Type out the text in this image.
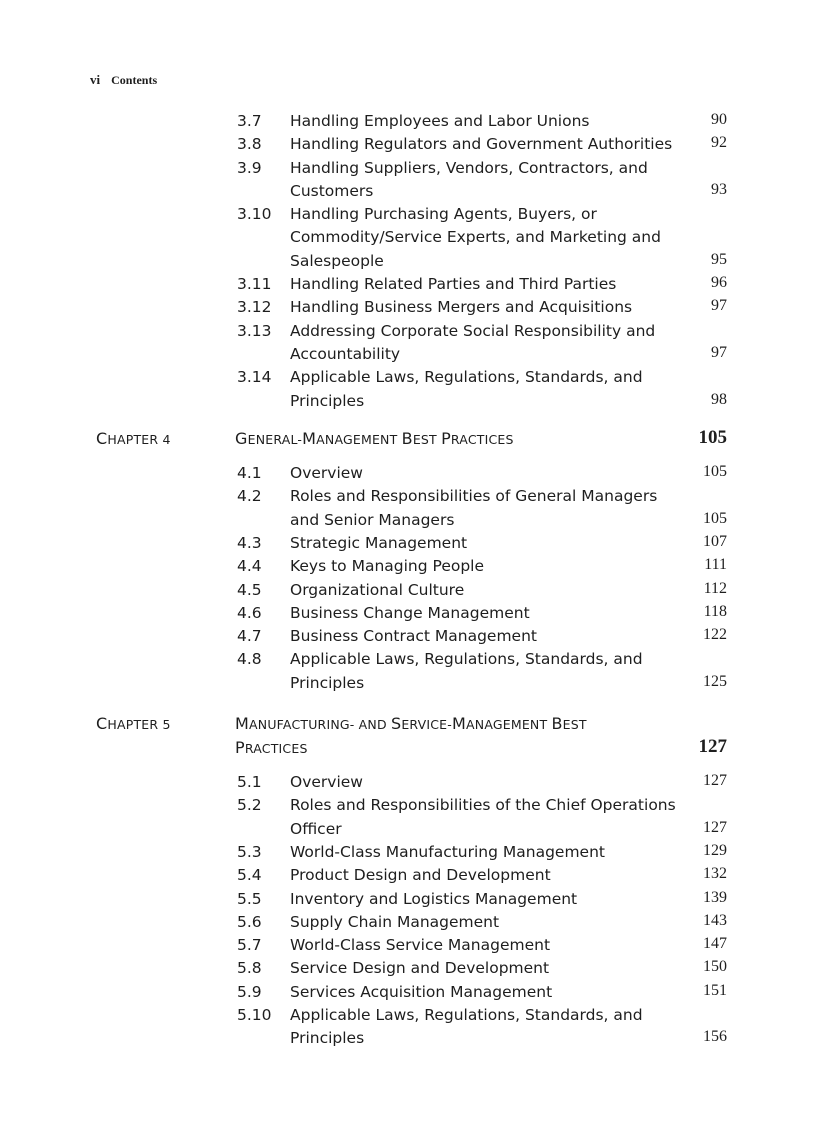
vi Contents
3.7 Handling Employees and Labor Unions	90
3.8 Handling Regulators and Government Authorities 92
3.9 Handling Suppliers, Vendors, Contractors, and
Customers	93
3.10 Handling Purchasing Agents, Buyers, or
Commodity/Service Experts, and Marketing and
Salespeople	95
3.11 Handling Related Parties and Third Parties	96
3.12 Handling Business Mergers and Acquisitions	97
3.13 Addressing Corporate Social Responsibility and
Accountability	97
3.14 Applicable Laws, Regulations, Standards, and
Principles	98
CHAPTER 4	GENERAL-MANAGEMENT BEST PRACTICES	105
4.1 Overview	105
4.2 Roles and Responsibilities of General Managers
and Senior Managers	105
4.3 Strategic Management	107
4.4 Keys to Managing People	111
4.5 Organizational Culture	112
4.6 Business Change Management	118
4.7 Business Contract Management	122
4.8 Applicable Laws, Regulations, Standards, and
Principles	125
CHAPTER 5	MANUFACTURING- AND SERVICE-MANAGEMENT BEST
PRACTICES	127
5.1 Overview	127
5.2 Roles and Responsibilities of the Chief Operations
Officer	127
5.3 World-Class Manufacturing Management	129
5.4 Product Design and Development	132
5.5 Inventory and Logistics Management	139
5.6 Supply Chain Management	143
5.7 World-Class Service Management	147
5.8 Service Design and Development	150
5.9 Services Acquisition Management	151
5.10 Applicable Laws, Regulations, Standards, and
Principles	156
